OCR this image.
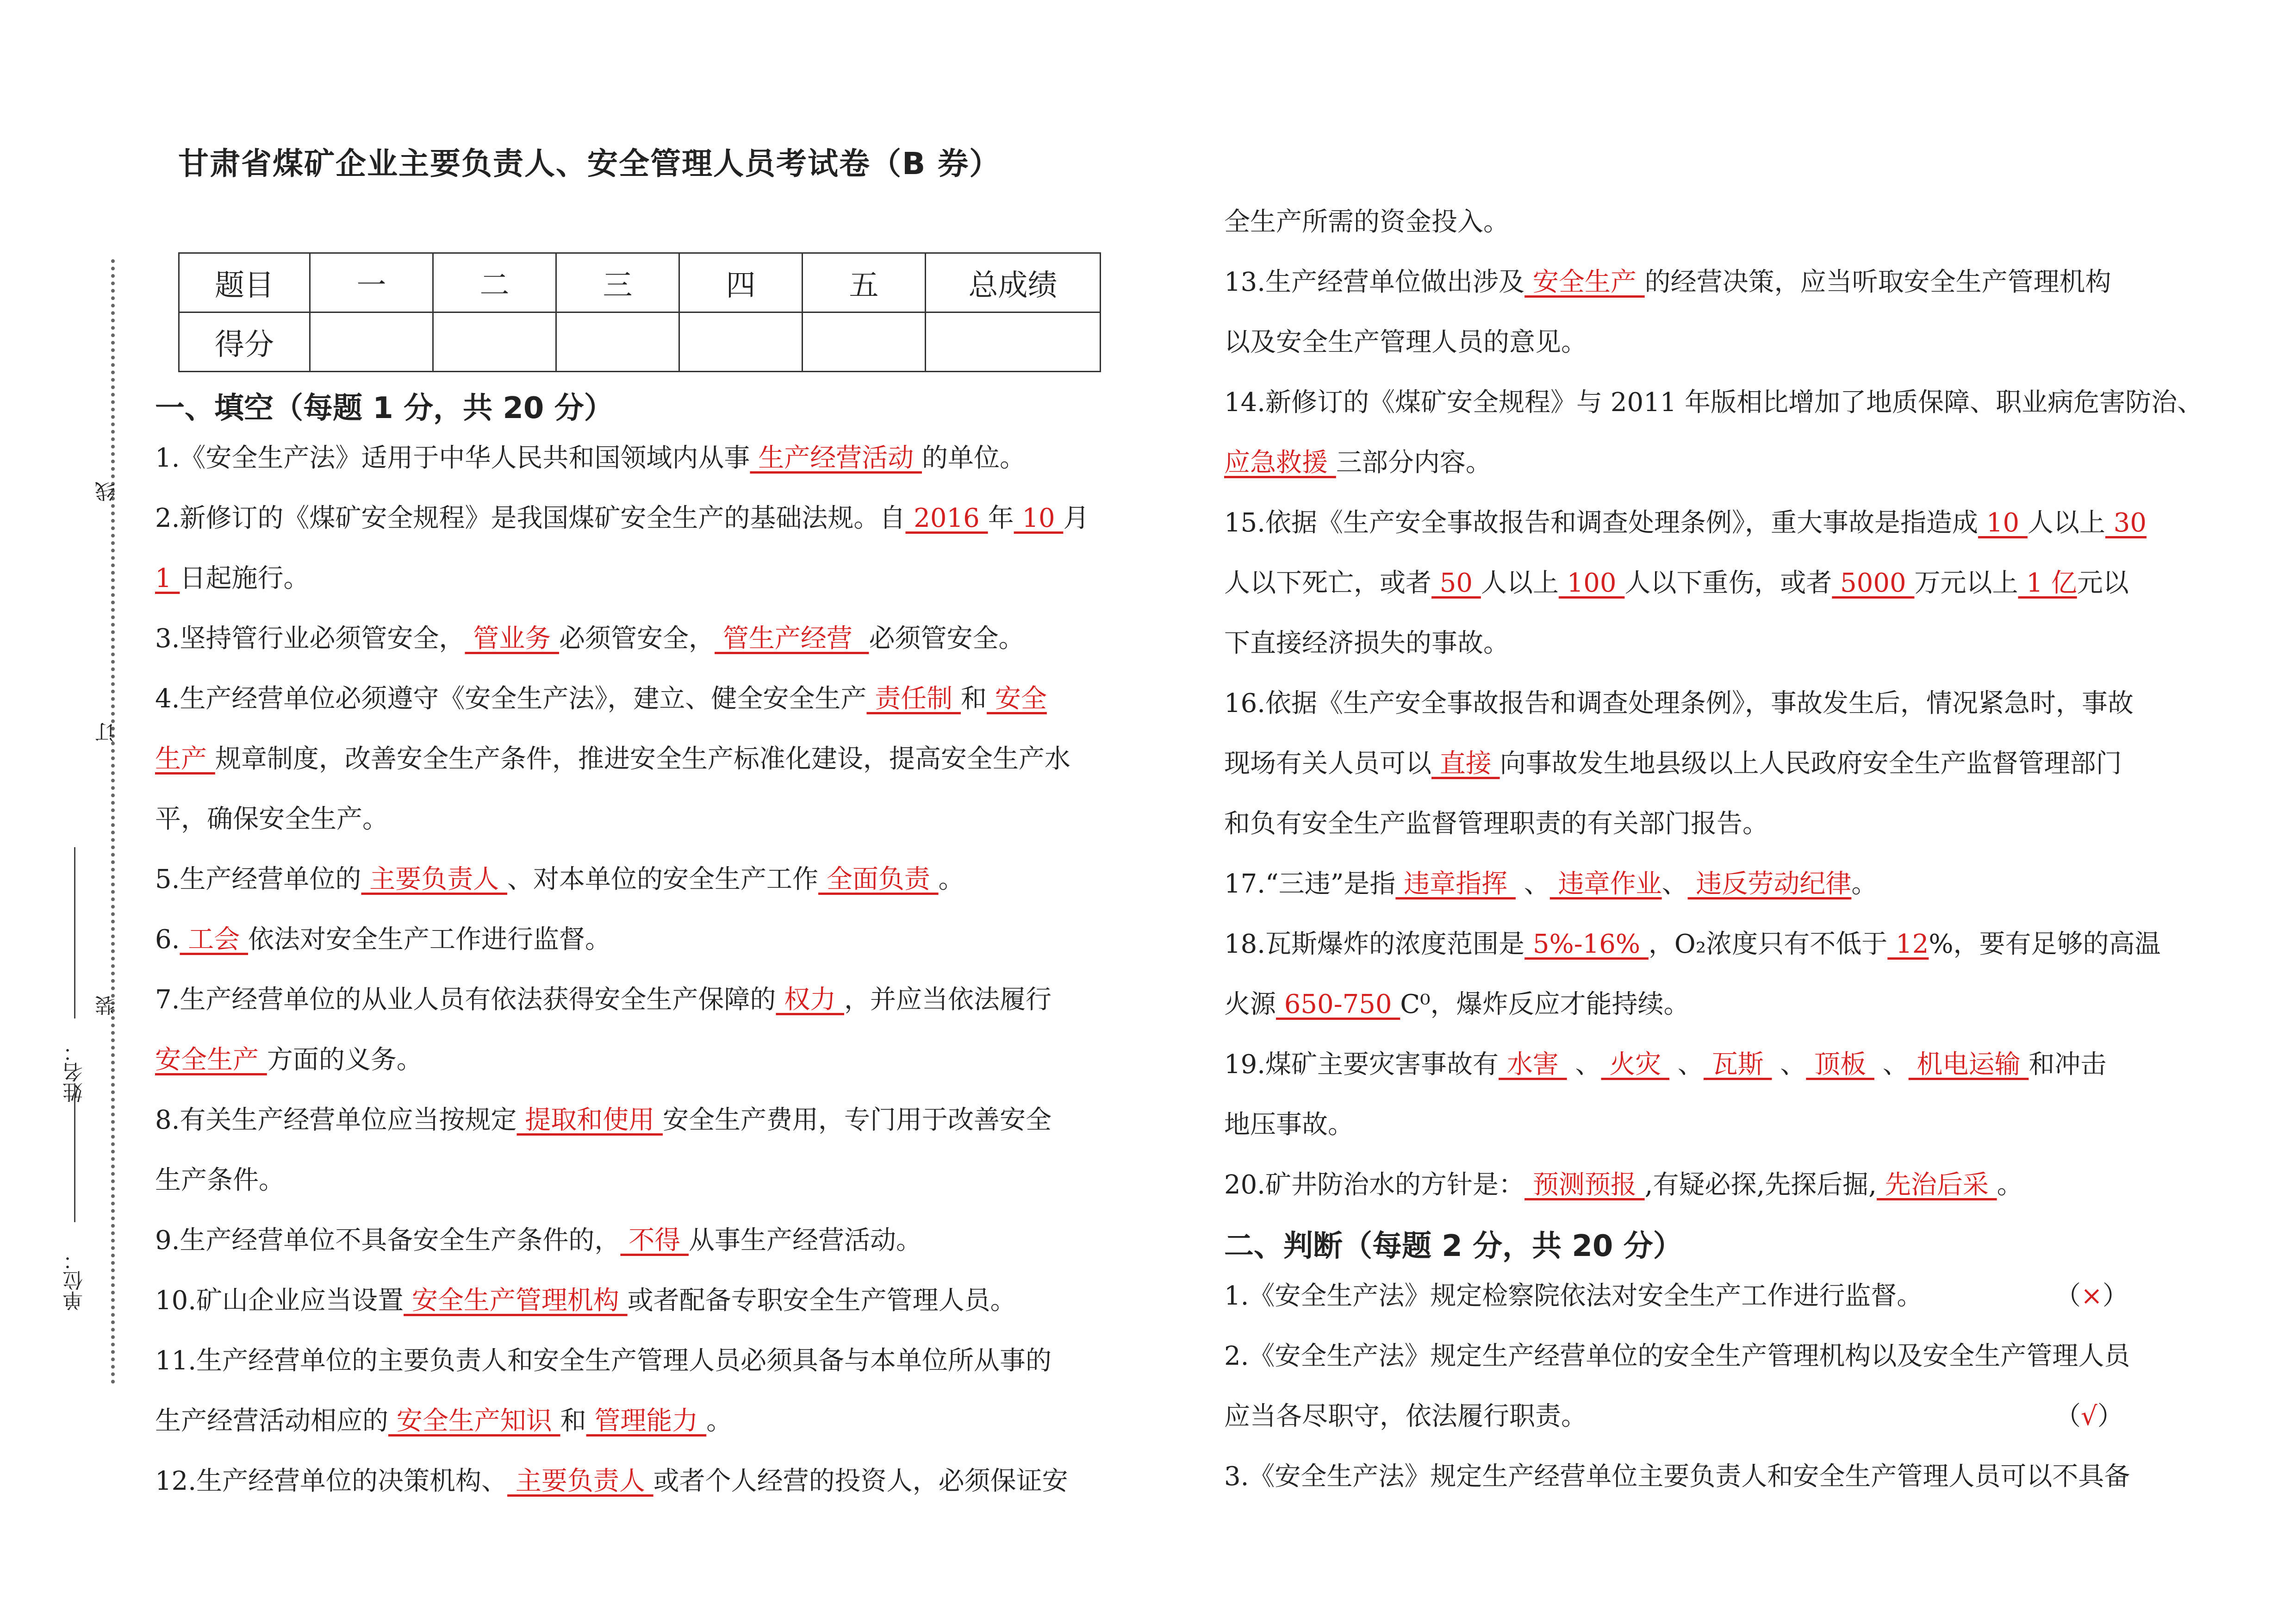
线
订
装
姓名：
单位：
甘肃省煤矿企业主要负责人、安全管理人员考试卷（B 券）
题目	一	二	三	四	五	总成绩
得分						
一、填空（每题 1 分，共 20 分）
1.《安全生产法》适用于中华人民共和国领域内从事 生产经营活动 的单位。
2.新修订的《煤矿安全规程》是我国煤矿安全生产的基础法规。自 2016 年 10 月
1 日起施行。
3.坚持管行业必须管安全， 管业务 必须管安全， 管生产经营  必须管安全。
4.生产经营单位必须遵守《安全生产法》，建立、健全安全生产 责任制 和 安全
生产 规章制度，改善安全生产条件，推进安全生产标准化建设，提高安全生产水
平，确保安全生产。
5.生产经营单位的 主要负责人 、对本单位的安全生产工作 全面负责 。
6. 工会 依法对安全生产工作进行监督。
7.生产经营单位的从业人员有依法获得安全生产保障的 权力 ，并应当依法履行
安全生产 方面的义务。
8.有关生产经营单位应当按规定 提取和使用 安全生产费用，专门用于改善安全
生产条件。
9.生产经营单位不具备安全生产条件的， 不得 从事生产经营活动。
10.矿山企业应当设置 安全生产管理机构 或者配备专职安全生产管理人员。
11.生产经营单位的主要负责人和安全生产管理人员必须具备与本单位所从事的
生产经营活动相应的 安全生产知识 和 管理能力 。
12.生产经营单位的决策机构、 主要负责人 或者个人经营的投资人，必须保证安
全生产所需的资金投入。
13.生产经营单位做出涉及 安全生产 的经营决策，应当听取安全生产管理机构
以及安全生产管理人员的意见。
14.新修订的《煤矿安全规程》与 2011 年版相比增加了地质保障、职业病危害防治、
应急救援 三部分内容。
15.依据《生产安全事故报告和调查处理条例》，重大事故是指造成 10 人以上 30
人以下死亡，或者 50 人以上 100 人以下重伤，或者 5000 万元以上 1 亿元以
下直接经济损失的事故。
16.依据《生产安全事故报告和调查处理条例》，事故发生后，情况紧急时，事故
现场有关人员可以 直接 向事故发生地县级以上人民政府安全生产监督管理部门
和负有安全生产监督管理职责的有关部门报告。
17.“三违”是指 违章指挥  、 违章作业、 违反劳动纪律。
18.瓦斯爆炸的浓度范围是 5%-16% ，O₂浓度只有不低于 12%，要有足够的高温
火源 650-750 C⁰，爆炸反应才能持续。
19.煤矿主要灾害事故有 水害  、 火灾  、 瓦斯  、 顶板  、 机电运输 和冲击
地压事故。
20.矿井防治水的方针是： 预测预报 ,有疑必探,先探后掘, 先治后采 。
二、判断（每题 2 分，共 20 分）
1.《安全生产法》规定检察院依法对安全生产工作进行监督。	（×）
2.《安全生产法》规定生产经营单位的安全生产管理机构以及安全生产管理人员
应当各尽职守，依法履行职责。	（√）
3.《安全生产法》规定生产经营单位主要负责人和安全生产管理人员可以不具备
